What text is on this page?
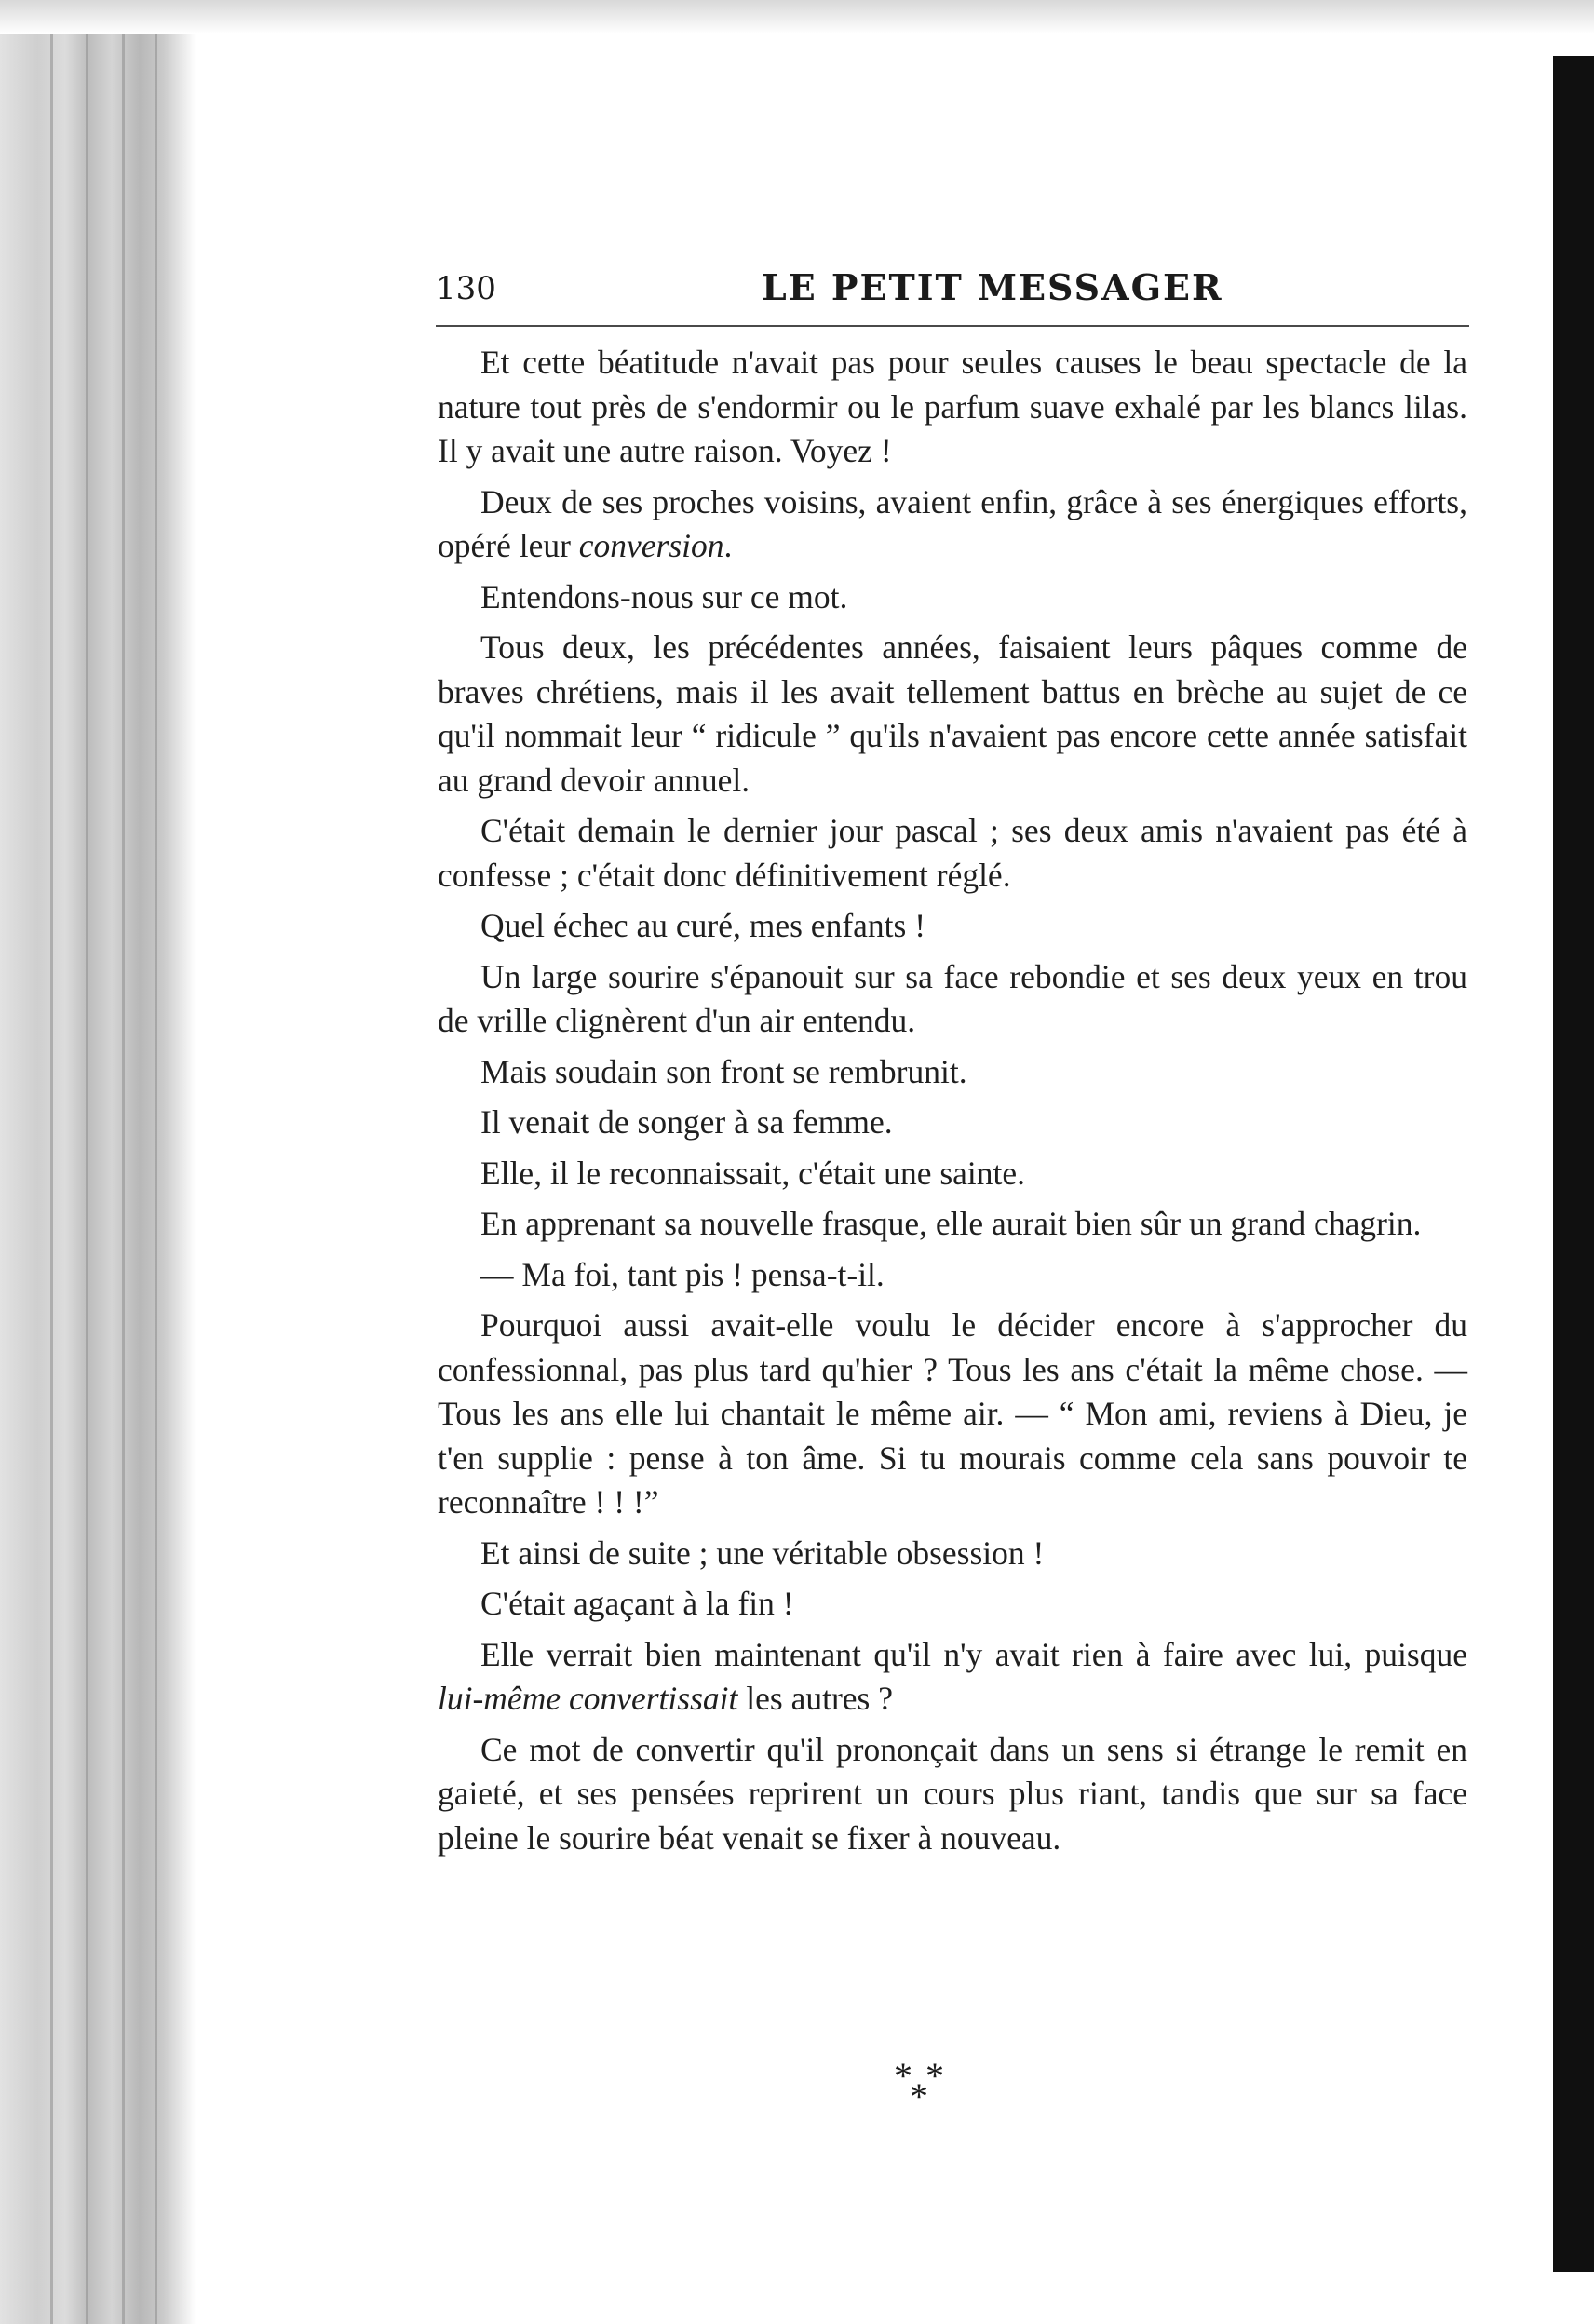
130	LE PETIT MESSAGER

Et cette béatitude n'avait pas pour seules causes le beau spectacle de la nature tout près de s'endormir ou le parfum suave exhalé par les blancs lilas. Il y avait une autre raison. Voyez !

Deux de ses proches voisins, avaient enfin, grâce à ses énergiques efforts, opéré leur conversion.

Entendons-nous sur ce mot.

Tous deux, les précédentes années, faisaient leurs pâques comme de braves chrétiens, mais il les avait tellement battus en brèche au sujet de ce qu'il nommait leur “ ridicule ” qu'ils n'avaient pas encore cette année satisfait au grand devoir annuel.

C'était demain le dernier jour pascal ; ses deux amis n'avaient pas été à confesse ; c'était donc définitivement réglé.

Quel échec au curé, mes enfants !

Un large sourire s'épanouit sur sa face rebondie et ses deux yeux en trou de vrille clignèrent d'un air entendu.

Mais soudain son front se rembrunit.

Il venait de songer à sa femme.

Elle, il le reconnaissait, c'était une sainte.

En apprenant sa nouvelle frasque, elle aurait bien sûr un grand chagrin.

— Ma foi, tant pis ! pensa-t-il.

Pourquoi aussi avait-elle voulu le décider encore à s'approcher du confessionnal, pas plus tard qu'hier ? Tous les ans c'était la même chose. — Tous les ans elle lui chantait le même air. — “ Mon ami, reviens à Dieu, je t'en supplie : pense à ton âme. Si tu mourais comme cela sans pouvoir te reconnaître ! ! !”

Et ainsi de suite ; une véritable obsession !

C'était agaçant à la fin !

Elle verrait bien maintenant qu'il n'y avait rien à faire avec lui, puisque lui-même convertissait les autres ?

Ce mot de convertir qu'il prononçait dans un sens si étrange le remit en gaieté, et ses pensées reprirent un cours plus riant, tandis que sur sa face pleine le sourire béat venait se fixer à nouveau.

* *
*
